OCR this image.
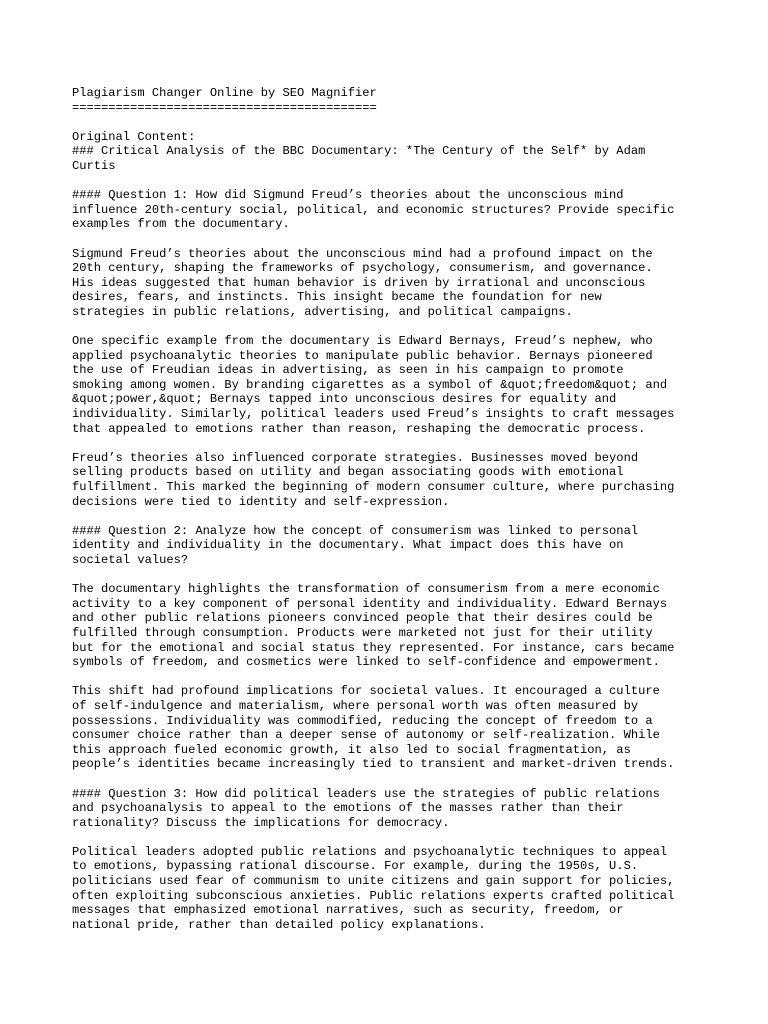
Plagiarism Changer Online by SEO Magnifier
==========================================
Original Content:
### Critical Analysis of the BBC Documentary: *The Century of the Self* by Adam
Curtis
#### Question 1: How did Sigmund Freud’s theories about the unconscious mind
influence 20th-century social, political, and economic structures? Provide specific
examples from the documentary.
Sigmund Freud’s theories about the unconscious mind had a profound impact on the
20th century, shaping the frameworks of psychology, consumerism, and governance.
His ideas suggested that human behavior is driven by irrational and unconscious
desires, fears, and instincts. This insight became the foundation for new
strategies in public relations, advertising, and political campaigns.
One specific example from the documentary is Edward Bernays, Freud’s nephew, who
applied psychoanalytic theories to manipulate public behavior. Bernays pioneered
the use of Freudian ideas in advertising, as seen in his campaign to promote
smoking among women. By branding cigarettes as a symbol of &quot;freedom&quot; and
&quot;power,&quot; Bernays tapped into unconscious desires for equality and
individuality. Similarly, political leaders used Freud’s insights to craft messages
that appealed to emotions rather than reason, reshaping the democratic process.
Freud’s theories also influenced corporate strategies. Businesses moved beyond
selling products based on utility and began associating goods with emotional
fulfillment. This marked the beginning of modern consumer culture, where purchasing
decisions were tied to identity and self-expression.
#### Question 2: Analyze how the concept of consumerism was linked to personal
identity and individuality in the documentary. What impact does this have on
societal values?
The documentary highlights the transformation of consumerism from a mere economic
activity to a key component of personal identity and individuality. Edward Bernays
and other public relations pioneers convinced people that their desires could be
fulfilled through consumption. Products were marketed not just for their utility
but for the emotional and social status they represented. For instance, cars became
symbols of freedom, and cosmetics were linked to self-confidence and empowerment.
This shift had profound implications for societal values. It encouraged a culture
of self-indulgence and materialism, where personal worth was often measured by
possessions. Individuality was commodified, reducing the concept of freedom to a
consumer choice rather than a deeper sense of autonomy or self-realization. While
this approach fueled economic growth, it also led to social fragmentation, as
people’s identities became increasingly tied to transient and market-driven trends.
#### Question 3: How did political leaders use the strategies of public relations
and psychoanalysis to appeal to the emotions of the masses rather than their
rationality? Discuss the implications for democracy.
Political leaders adopted public relations and psychoanalytic techniques to appeal
to emotions, bypassing rational discourse. For example, during the 1950s, U.S.
politicians used fear of communism to unite citizens and gain support for policies,
often exploiting subconscious anxieties. Public relations experts crafted political
messages that emphasized emotional narratives, such as security, freedom, or
national pride, rather than detailed policy explanations.
